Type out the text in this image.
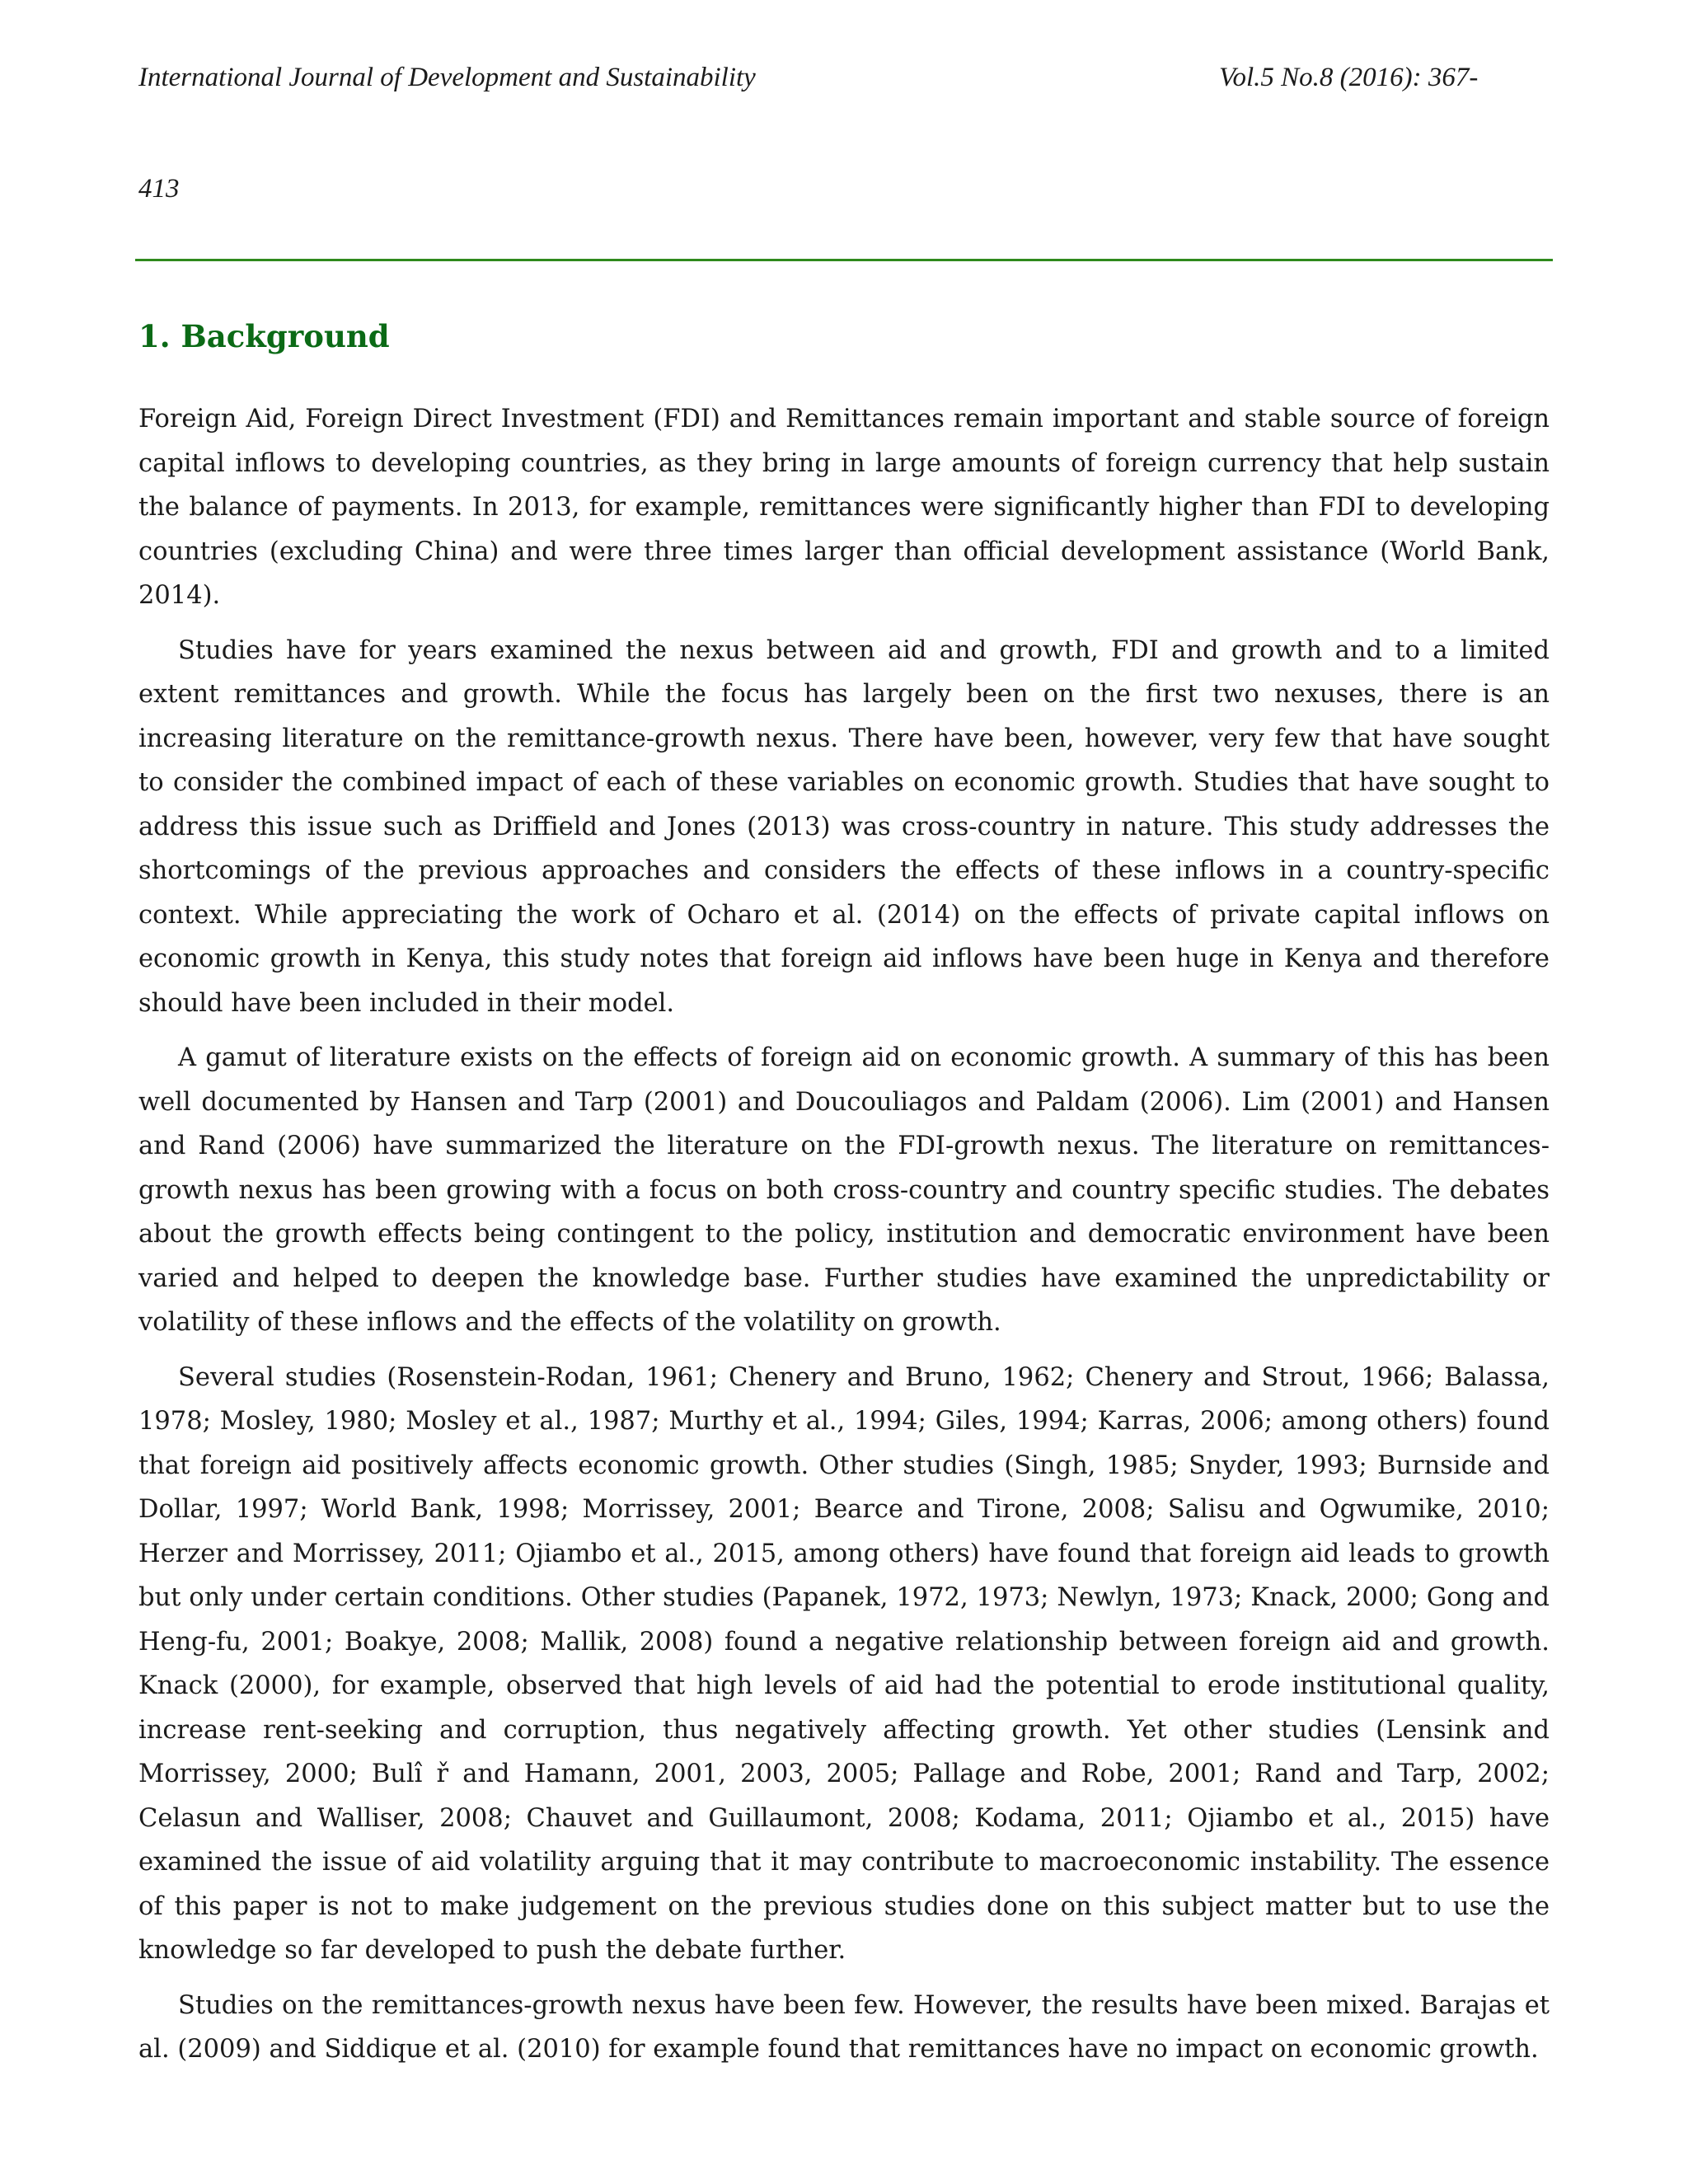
International Journal of Development and Sustainability	Vol.5 No.8 (2016): 367-
413
1. Background

Foreign Aid, Foreign Direct Investment (FDI) and Remittances remain important and stable source of foreign capital inflows to developing countries, as they bring in large amounts of foreign currency that help sustain the balance of payments. In 2013, for example, remittances were significantly higher than FDI to developing countries (excluding China) and were three times larger than official development assistance (World Bank, 2014).

Studies have for years examined the nexus between aid and growth, FDI and growth and to a limited extent remittances and growth. While the focus has largely been on the first two nexuses, there is an increasing literature on the remittance-growth nexus. There have been, however, very few that have sought to consider the combined impact of each of these variables on economic growth. Studies that have sought to address this issue such as Driffield and Jones (2013) was cross-country in nature. This study addresses the shortcomings of the previous approaches and considers the effects of these inflows in a country-specific context. While appreciating the work of Ocharo et al. (2014) on the effects of private capital inflows on economic growth in Kenya, this study notes that foreign aid inflows have been huge in Kenya and therefore should have been included in their model.

A gamut of literature exists on the effects of foreign aid on economic growth. A summary of this has been well documented by Hansen and Tarp (2001) and Doucouliagos and Paldam (2006). Lim (2001) and Hansen and Rand (2006) have summarized the literature on the FDI-growth nexus. The literature on remittances-growth nexus has been growing with a focus on both cross-country and country specific studies. The debates about the growth effects being contingent to the policy, institution and democratic environment have been varied and helped to deepen the knowledge base. Further studies have examined the unpredictability or volatility of these inflows and the effects of the volatility on growth.

Several studies (Rosenstein-Rodan, 1961; Chenery and Bruno, 1962; Chenery and Strout, 1966; Balassa, 1978; Mosley, 1980; Mosley et al., 1987; Murthy et al., 1994; Giles, 1994; Karras, 2006; among others) found that foreign aid positively affects economic growth. Other studies (Singh, 1985; Snyder, 1993; Burnside and Dollar, 1997; World Bank, 1998; Morrissey, 2001; Bearce and Tirone, 2008; Salisu and Ogwumike, 2010; Herzer and Morrissey, 2011; Ojiambo et al., 2015, among others) have found that foreign aid leads to growth but only under certain conditions. Other studies (Papanek, 1972, 1973; Newlyn, 1973; Knack, 2000; Gong and Heng-fu, 2001; Boakye, 2008; Mallik, 2008) found a negative relationship between foreign aid and growth. Knack (2000), for example, observed that high levels of aid had the potential to erode institutional quality, increase rent-seeking and corruption, thus negatively affecting growth. Yet other studies (Lensink and Morrissey, 2000; Bulî ř and Hamann, 2001, 2003, 2005; Pallage and Robe, 2001; Rand and Tarp, 2002; Celasun and Walliser, 2008; Chauvet and Guillaumont, 2008; Kodama, 2011; Ojiambo et al., 2015) have examined the issue of aid volatility arguing that it may contribute to macroeconomic instability. The essence of this paper is not to make judgement on the previous studies done on this subject matter but to use the knowledge so far developed to push the debate further.

Studies on the remittances-growth nexus have been few. However, the results have been mixed. Barajas et al. (2009) and Siddique et al. (2010) for example found that remittances have no impact on economic growth.
